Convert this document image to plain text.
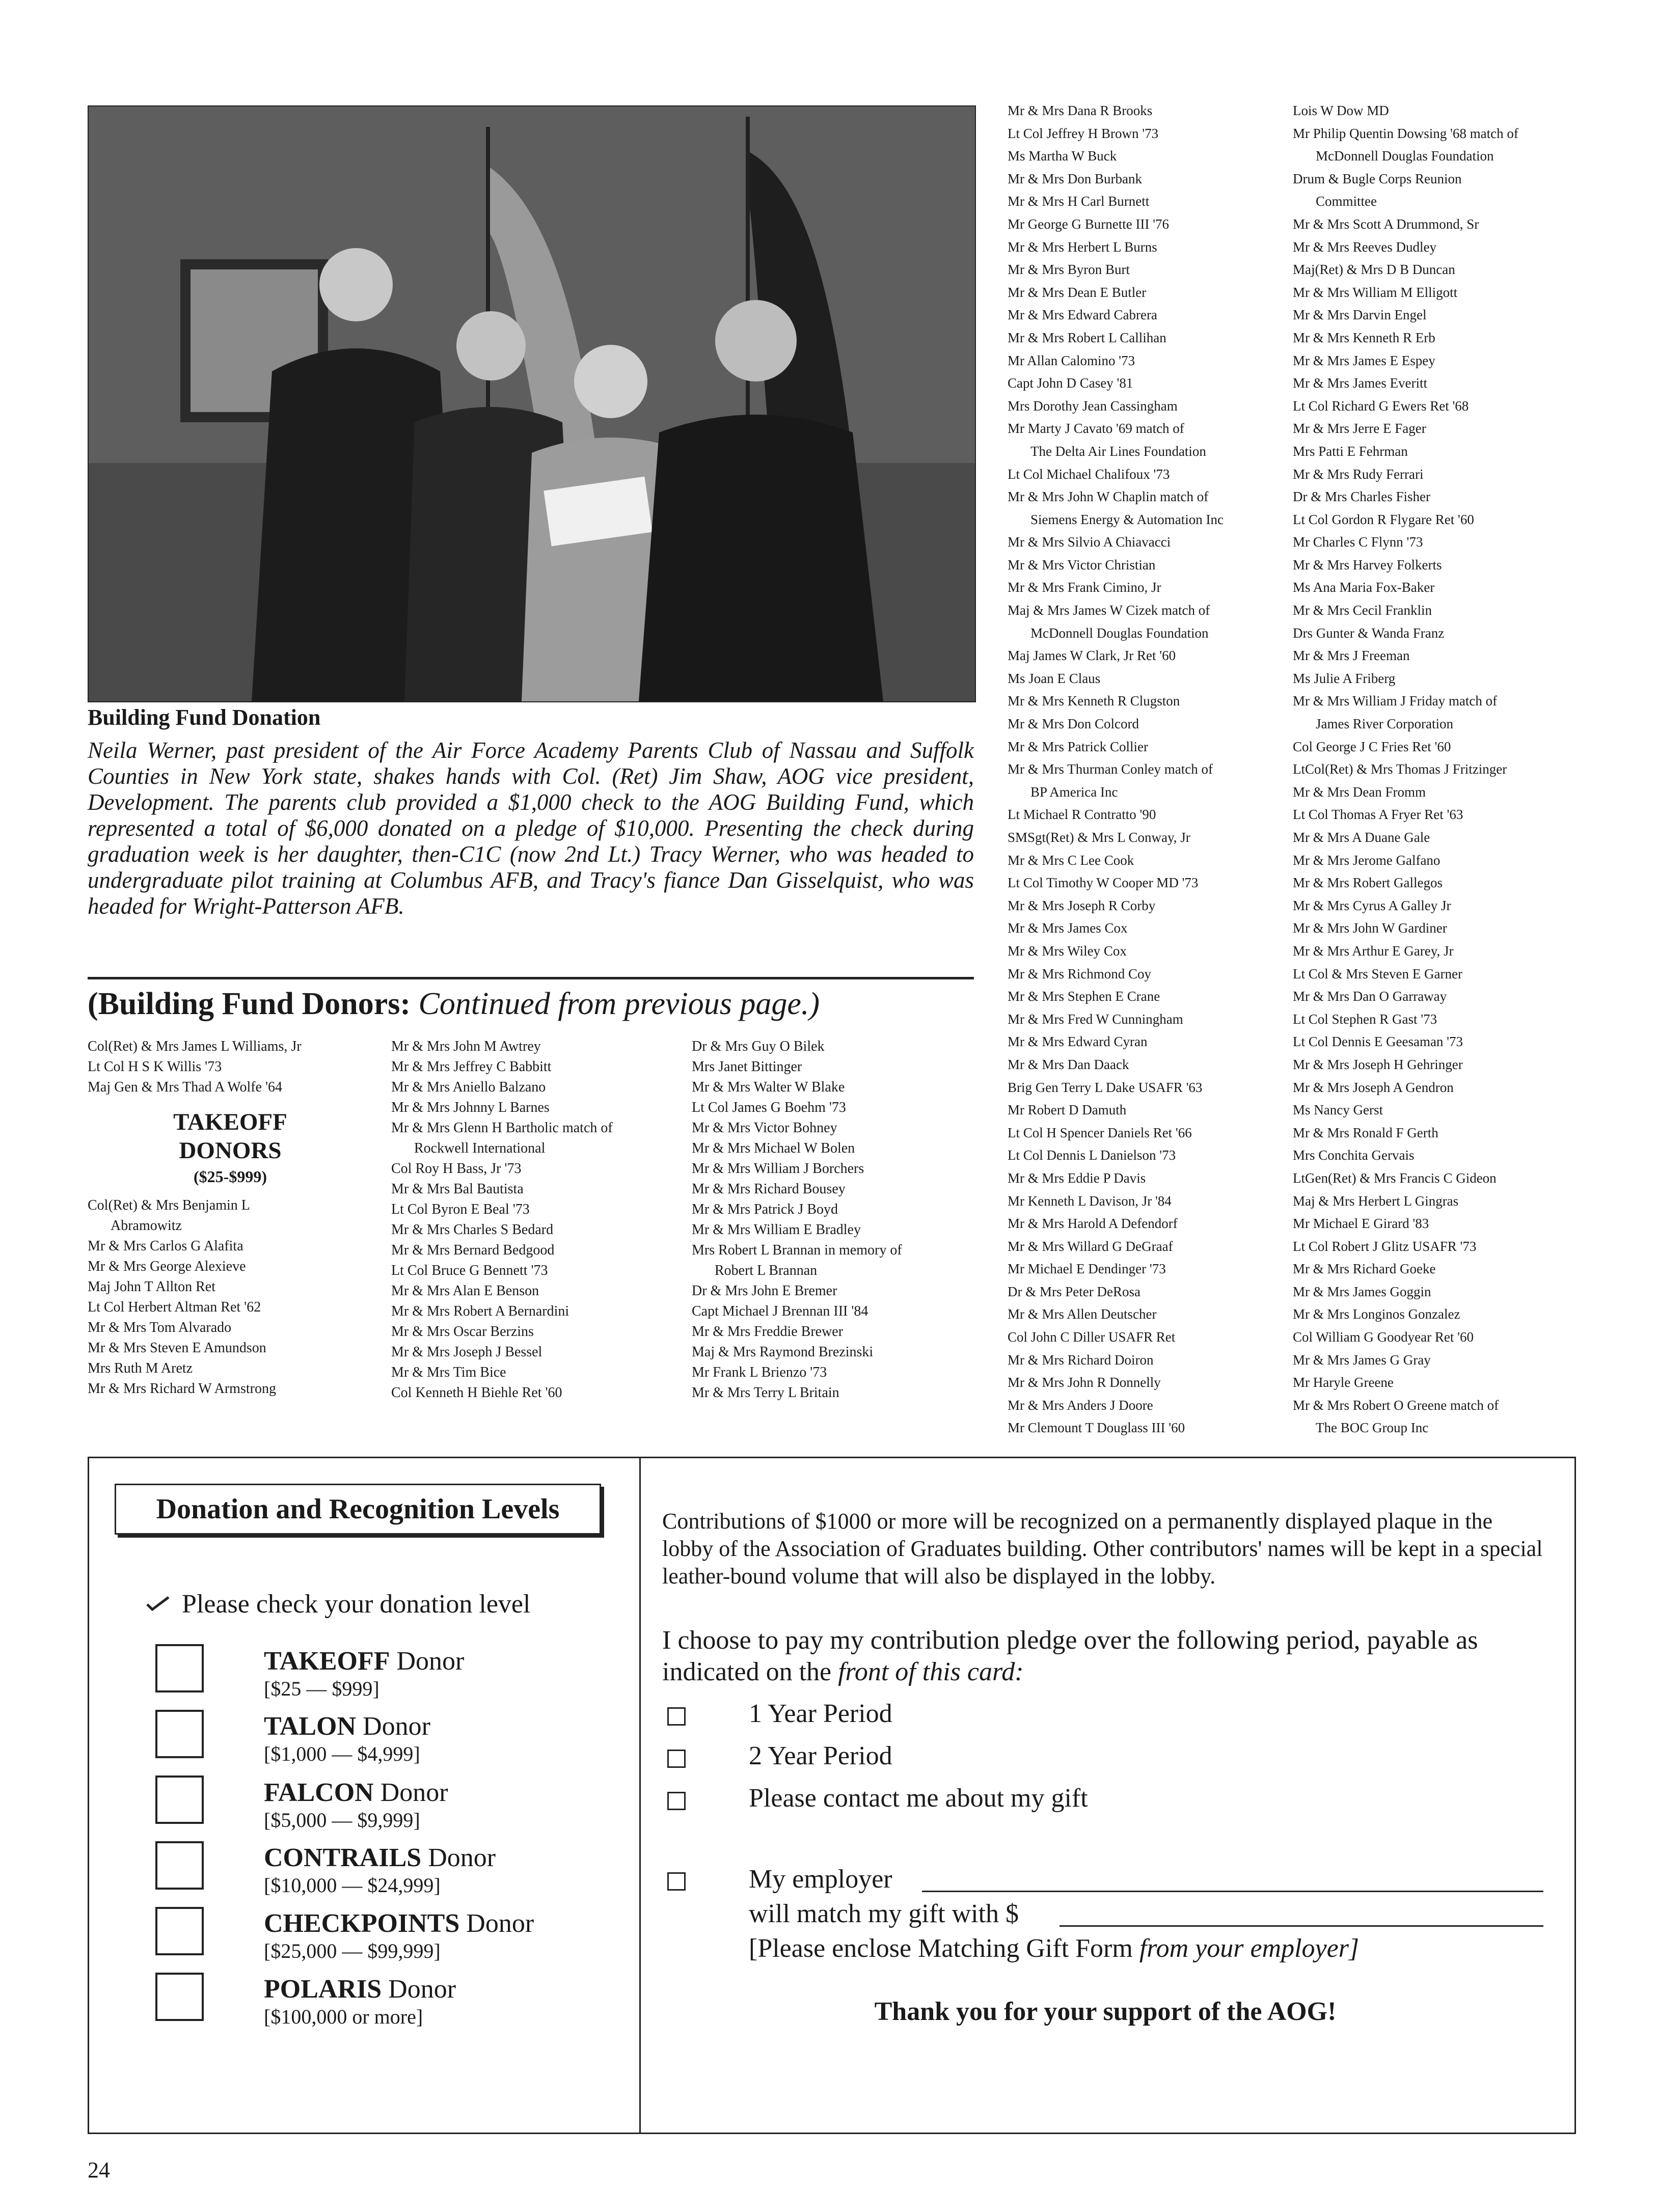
Building Fund Donation
Neila Werner, past president of the Air Force Academy Parents Club of Nassau and Suffolk Counties in New York state, shakes hands with Col. (Ret) Jim Shaw, AOG vice president, Development. The parents club provided a $1,000 check to the AOG Building Fund, which represented a total of $6,000 donated on a pledge of $10,000. Presenting the check during graduation week is her daughter, then-C1C (now 2nd Lt.) Tracy Werner, who was headed to undergraduate pilot training at Columbus AFB, and Tracy's fiance Dan Gisselquist, who was headed for Wright-Patterson AFB.
(Building Fund Donors: Continued from previous page.)
Col(Ret) & Mrs James L Williams, Jr
Lt Col H S K Willis '73
Maj Gen & Mrs Thad A Wolfe '64
TAKEOFF
DONORS
($25-$999)
Col(Ret) & Mrs Benjamin L
Abramowitz
Mr & Mrs Carlos G Alafita
Mr & Mrs George Alexieve
Maj John T Allton Ret
Lt Col Herbert Altman Ret '62
Mr & Mrs Tom Alvarado
Mr & Mrs Steven E Amundson
Mrs Ruth M Aretz
Mr & Mrs Richard W Armstrong
Mr & Mrs John M Awtrey
Mr & Mrs Jeffrey C Babbitt
Mr & Mrs Aniello Balzano
Mr & Mrs Johnny L Barnes
Mr & Mrs Glenn H Bartholic match of
Rockwell International
Col Roy H Bass, Jr '73
Mr & Mrs Bal Bautista
Lt Col Byron E Beal '73
Mr & Mrs Charles S Bedard
Mr & Mrs Bernard Bedgood
Lt Col Bruce G Bennett '73
Mr & Mrs Alan E Benson
Mr & Mrs Robert A Bernardini
Mr & Mrs Oscar Berzins
Mr & Mrs Joseph J Bessel
Mr & Mrs Tim Bice
Col Kenneth H Biehle Ret '60
Dr & Mrs Guy O Bilek
Mrs Janet Bittinger
Mr & Mrs Walter W Blake
Lt Col James G Boehm '73
Mr & Mrs Victor Bohney
Mr & Mrs Michael W Bolen
Mr & Mrs William J Borchers
Mr & Mrs Richard Bousey
Mr & Mrs Patrick J Boyd
Mr & Mrs William E Bradley
Mrs Robert L Brannan in memory of
Robert L Brannan
Dr & Mrs John E Bremer
Capt Michael J Brennan III '84
Mr & Mrs Freddie Brewer
Maj & Mrs Raymond Brezinski
Mr Frank L Brienzo '73
Mr & Mrs Terry L Britain
Mr & Mrs Dana R Brooks
Lt Col Jeffrey H Brown '73
Ms Martha W Buck
Mr & Mrs Don Burbank
Mr & Mrs H Carl Burnett
Mr George G Burnette III '76
Mr & Mrs Herbert L Burns
Mr & Mrs Byron Burt
Mr & Mrs Dean E Butler
Mr & Mrs Edward Cabrera
Mr & Mrs Robert L Callihan
Mr Allan Calomino '73
Capt John D Casey '81
Mrs Dorothy Jean Cassingham
Mr Marty J Cavato '69 match of
The Delta Air Lines Foundation
Lt Col Michael Chalifoux '73
Mr & Mrs John W Chaplin match of
Siemens Energy & Automation Inc
Mr & Mrs Silvio A Chiavacci
Mr & Mrs Victor Christian
Mr & Mrs Frank Cimino, Jr
Maj & Mrs James W Cizek match of
McDonnell Douglas Foundation
Maj James W Clark, Jr Ret '60
Ms Joan E Claus
Mr & Mrs Kenneth R Clugston
Mr & Mrs Don Colcord
Mr & Mrs Patrick Collier
Mr & Mrs Thurman Conley match of
BP America Inc
Lt Michael R Contratto '90
SMSgt(Ret) & Mrs L Conway, Jr
Mr & Mrs C Lee Cook
Lt Col Timothy W Cooper MD '73
Mr & Mrs Joseph R Corby
Mr & Mrs James Cox
Mr & Mrs Wiley Cox
Mr & Mrs Richmond Coy
Mr & Mrs Stephen E Crane
Mr & Mrs Fred W Cunningham
Mr & Mrs Edward Cyran
Mr & Mrs Dan Daack
Brig Gen Terry L Dake USAFR '63
Mr Robert D Damuth
Lt Col H Spencer Daniels Ret '66
Lt Col Dennis L Danielson '73
Mr & Mrs Eddie P Davis
Mr Kenneth L Davison, Jr '84
Mr & Mrs Harold A Defendorf
Mr & Mrs Willard G DeGraaf
Mr Michael E Dendinger '73
Dr & Mrs Peter DeRosa
Mr & Mrs Allen Deutscher
Col John C Diller USAFR Ret
Mr & Mrs Richard Doiron
Mr & Mrs John R Donnelly
Mr & Mrs Anders J Doore
Mr Clemount T Douglass III '60
Lois W Dow MD
Mr Philip Quentin Dowsing '68 match of
McDonnell Douglas Foundation
Drum & Bugle Corps Reunion
Committee
Mr & Mrs Scott A Drummond, Sr
Mr & Mrs Reeves Dudley
Maj(Ret) & Mrs D B Duncan
Mr & Mrs William M Elligott
Mr & Mrs Darvin Engel
Mr & Mrs Kenneth R Erb
Mr & Mrs James E Espey
Mr & Mrs James Everitt
Lt Col Richard G Ewers Ret '68
Mr & Mrs Jerre E Fager
Mrs Patti E Fehrman
Mr & Mrs Rudy Ferrari
Dr & Mrs Charles Fisher
Lt Col Gordon R Flygare Ret '60
Mr Charles C Flynn '73
Mr & Mrs Harvey Folkerts
Ms Ana Maria Fox-Baker
Mr & Mrs Cecil Franklin
Drs Gunter & Wanda Franz
Mr & Mrs J Freeman
Ms Julie A Friberg
Mr & Mrs William J Friday match of
James River Corporation
Col George J C Fries Ret '60
LtCol(Ret) & Mrs Thomas J Fritzinger
Mr & Mrs Dean Fromm
Lt Col Thomas A Fryer Ret '63
Mr & Mrs A Duane Gale
Mr & Mrs Jerome Galfano
Mr & Mrs Robert Gallegos
Mr & Mrs Cyrus A Galley Jr
Mr & Mrs John W Gardiner
Mr & Mrs Arthur E Garey, Jr
Lt Col & Mrs Steven E Garner
Mr & Mrs Dan O Garraway
Lt Col Stephen R Gast '73
Lt Col Dennis E Geesaman '73
Mr & Mrs Joseph H Gehringer
Mr & Mrs Joseph A Gendron
Ms Nancy Gerst
Mr & Mrs Ronald F Gerth
Mrs Conchita Gervais
LtGen(Ret) & Mrs Francis C Gideon
Maj & Mrs Herbert L Gingras
Mr Michael E Girard '83
Lt Col Robert J Glitz USAFR '73
Mr & Mrs Richard Goeke
Mr & Mrs James Goggin
Mr & Mrs Longinos Gonzalez
Col William G Goodyear Ret '60
Mr & Mrs James G Gray
Mr Haryle Greene
Mr & Mrs Robert O Greene match of
The BOC Group Inc
Donation and Recognition Levels
Please check your donation level
TAKEOFF Donor
[$25 — $999]
TALON Donor
[$1,000 — $4,999]
FALCON Donor
[$5,000 — $9,999]
CONTRAILS Donor
[$10,000 — $24,999]
CHECKPOINTS Donor
[$25,000 — $99,999]
POLARIS Donor
[$100,000 or more]
Contributions of $1000 or more will be recognized on a permanently displayed plaque in the lobby of the Association of Graduates building. Other contributors' names will be kept in a special leather-bound volume that will also be displayed in the lobby.
I choose to pay my contribution pledge over the following period, payable as indicated on the front of this card:
1 Year Period
2 Year Period
Please contact me about my gift
My employer
will match my gift with $
[Please enclose Matching Gift Form from your employer]
Thank you for your support of the AOG!
24
